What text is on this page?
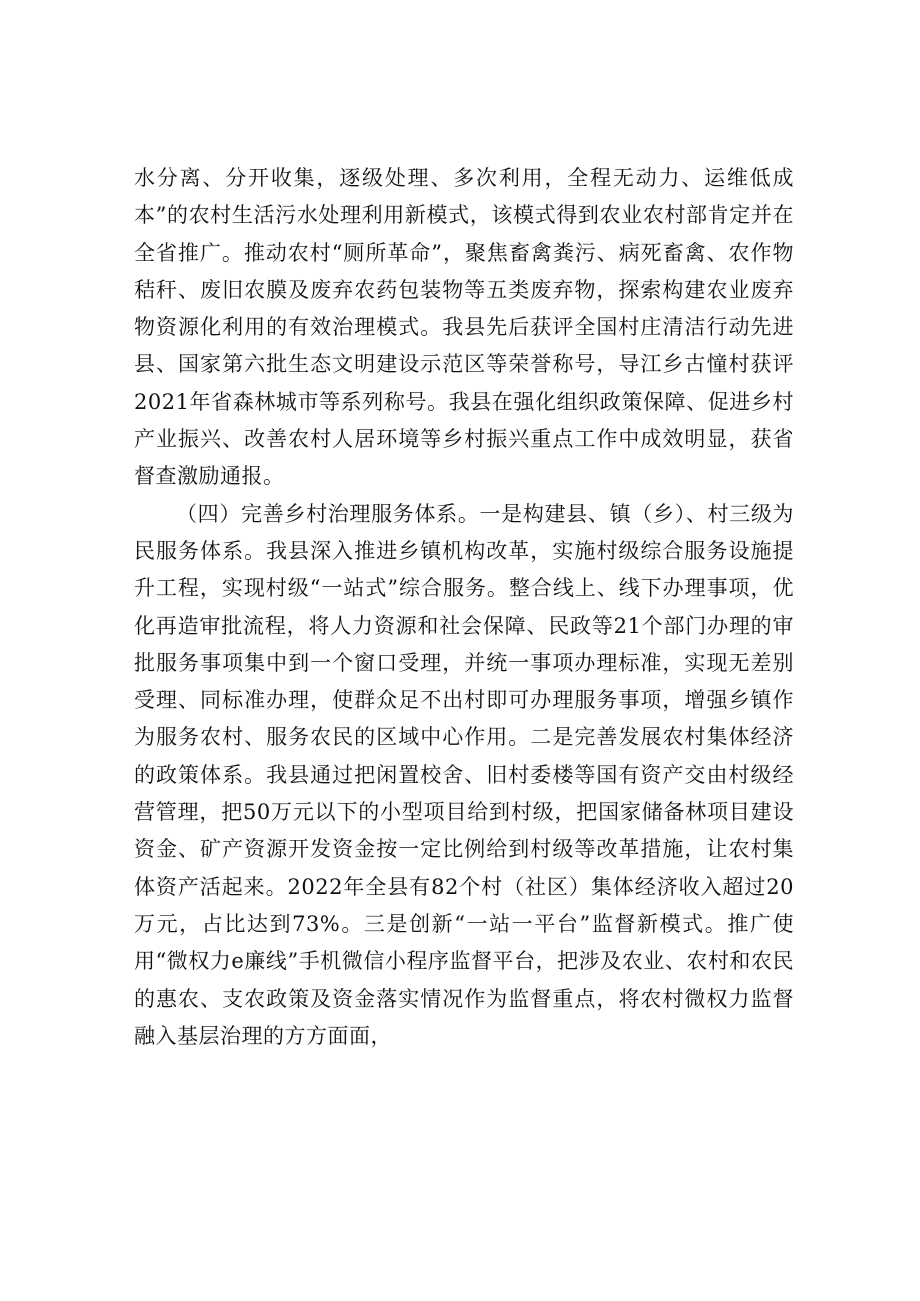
水分离、分开收集，逐级处理、多次利用，全程无动力、运维低成本”的农村生活污水处理利用新模式，该模式得到农业农村部肯定并在全省推广。推动农村“厕所革命”，聚焦畜禽粪污、病死畜禽、农作物秸秆、废旧农膜及废弃农药包装物等五类废弃物，探索构建农业废弃物资源化利用的有效治理模式。我县先后获评全国村庄清洁行动先进县、国家第六批生态文明建设示范区等荣誉称号，导江乡古憧村获评2021年省森林城市等系列称号。我县在强化组织政策保障、促进乡村产业振兴、改善农村人居环境等乡村振兴重点工作中成效明显，获省督查激励通报。

（四）完善乡村治理服务体系。一是构建县、镇（乡）、村三级为民服务体系。我县深入推进乡镇机构改革，实施村级综合服务设施提升工程，实现村级“一站式”综合服务。整合线上、线下办理事项，优化再造审批流程，将人力资源和社会保障、民政等21个部门办理的审批服务事项集中到一个窗口受理，并统一事项办理标准，实现无差别受理、同标准办理，使群众足不出村即可办理服务事项，增强乡镇作为服务农村、服务农民的区域中心作用。二是完善发展农村集体经济的政策体系。我县通过把闲置校舍、旧村委楼等国有资产交由村级经营管理，把50万元以下的小型项目给到村级，把国家储备林项目建设资金、矿产资源开发资金按一定比例给到村级等改革措施，让农村集体资产活起来。2022年全县有82个村（社区）集体经济收入超过20万元，占比达到73%。三是创新“一站一平台”监督新模式。推广使用“微权力e廉线”手机微信小程序监督平台，把涉及农业、农村和农民的惠农、支农政策及资金落实情况作为监督重点，将农村微权力监督融入基层治理的方方面面，
